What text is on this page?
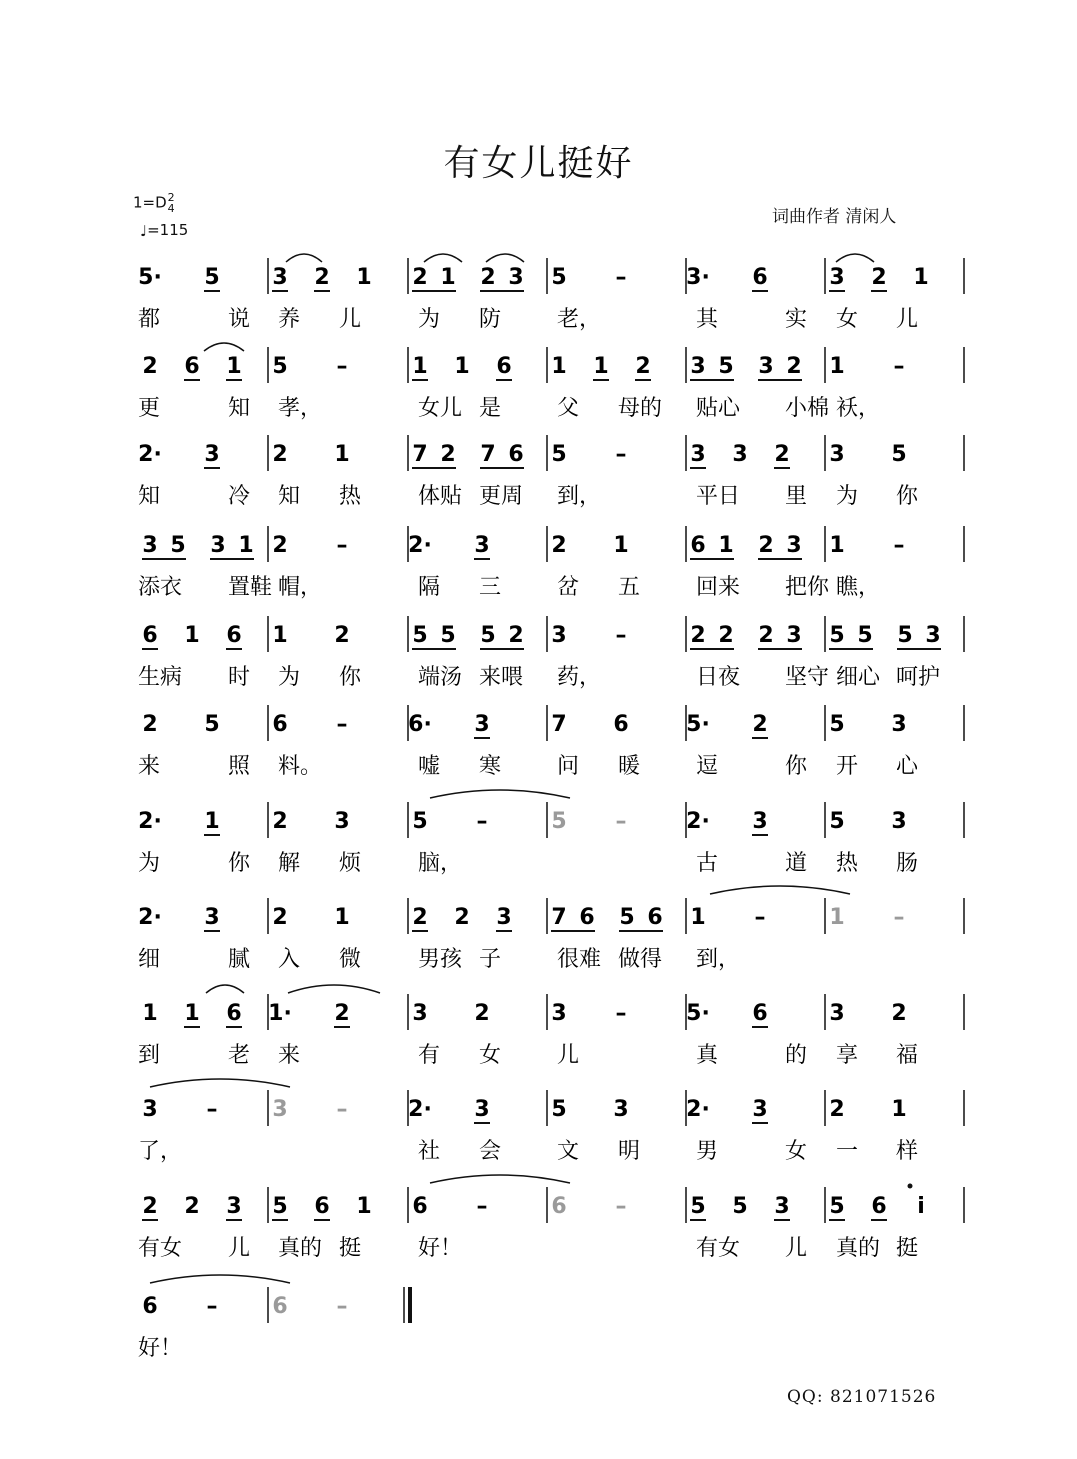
有女儿挺好
1=D 2
4
♩=115
词曲作者 清闲人
5· 5 3 2 1 2 1 2 3 5 –	3· 6	3 2 1
都	说 养 儿	为 防	老，	其	实 女 儿
2 6 1 5 –	1 1 6 1 1 2 3 5 3 2 1 –
更	知 孝，	女儿 是	父 母的 贴心 小棉 袄，
2· 3 2 1	7 2 7 6 5 –	3 3 2 3 5
知	冷 知 热	体贴 更周 到，	平日 里 为 你
3 5 3 1 2 –	2· 3	2 1	6 1 2 3 1 –
添衣 置鞋 帽，	隔 三	岔 五	回来 把你 瞧，
6 1 6 1 2	5 5 5 2 3 –	2 2 2 3 5 5 5 3
生病 时 为 你	端汤 来喂 药，	日夜 坚守 细心 呵护
2 5 6 –	6· 3	7 6	5· 2	5 3
来	照 料。	嘘 寒	问 暖	逗	你 开 心
2· 1 2 3	5 –	5 –	2· 3	5 3
为	你 解 烦	脑，	古	道 热 肠
2· 3 2 1	2 2 3 7 6 5 6 1 –	1 –
细	腻 入 微	男孩 子	很难 做得 到，
1 1 6 1· 2	3 2	3 –	5· 6	3 2
到	老 来	有 女	儿	真	的 享 福
3 – 3 –	2· 3	5 3	2· 3	2 1
了，	社 会	文 明	男	女 一 样
2 2 3 5 6 1 6 –	6 –	5 5 3 5 6 i
有女 儿 真的 挺	好！	有女 儿 真的 挺
6 – 6 –
好！
QQ: 821071526
